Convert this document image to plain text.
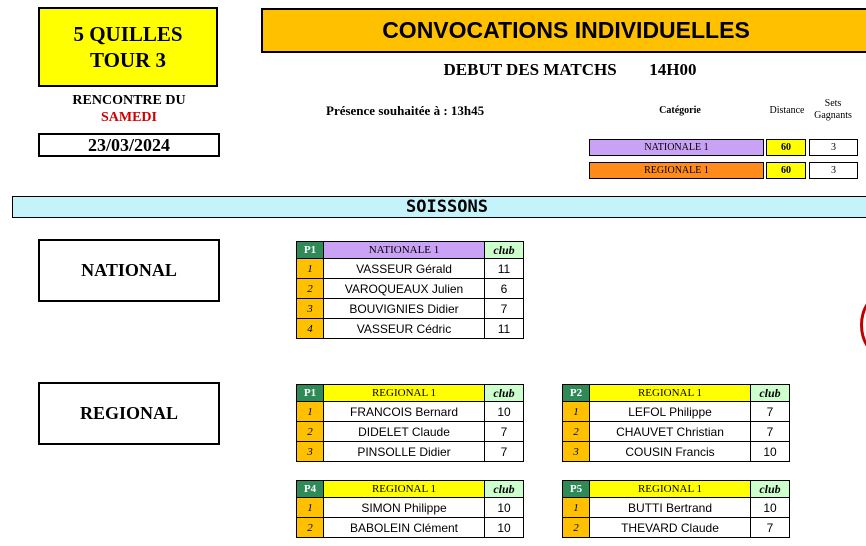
5 QUILLES
TOUR 3
RENCONTRE DU
SAMEDI
23/03/2024
CONVOCATIONS INDIVIDUELLES
DEBUT DES MATCHS 14H00
Présence souhaitée à : 13h45	Catégorie	Distance
Sets Gagnants
NATIONALE 1	60	3
REGIONALE 1	60	3
SOISSONS
NATIONAL
REGIONAL
P1	NATIONALE 1	club
1	VASSEUR Gérald	11
2	VAROQUEAUX Julien	6
3	BOUVIGNIES Didier	7
4	VASSEUR Cédric	11
P1	REGIONAL 1	club
1	FRANCOIS Bernard	10
2	DIDELET Claude	7
3	PINSOLLE Didier	7
P2	REGIONAL 1	club
1	LEFOL Philippe	7
2	CHAUVET Christian	7
3	COUSIN Francis	10
P4	REGIONAL 1	club
1	SIMON Philippe	10
2	BABOLEIN Clément	10
P5	REGIONAL 1	club
1	BUTTI Bertrand	10
2	THEVARD Claude	7
